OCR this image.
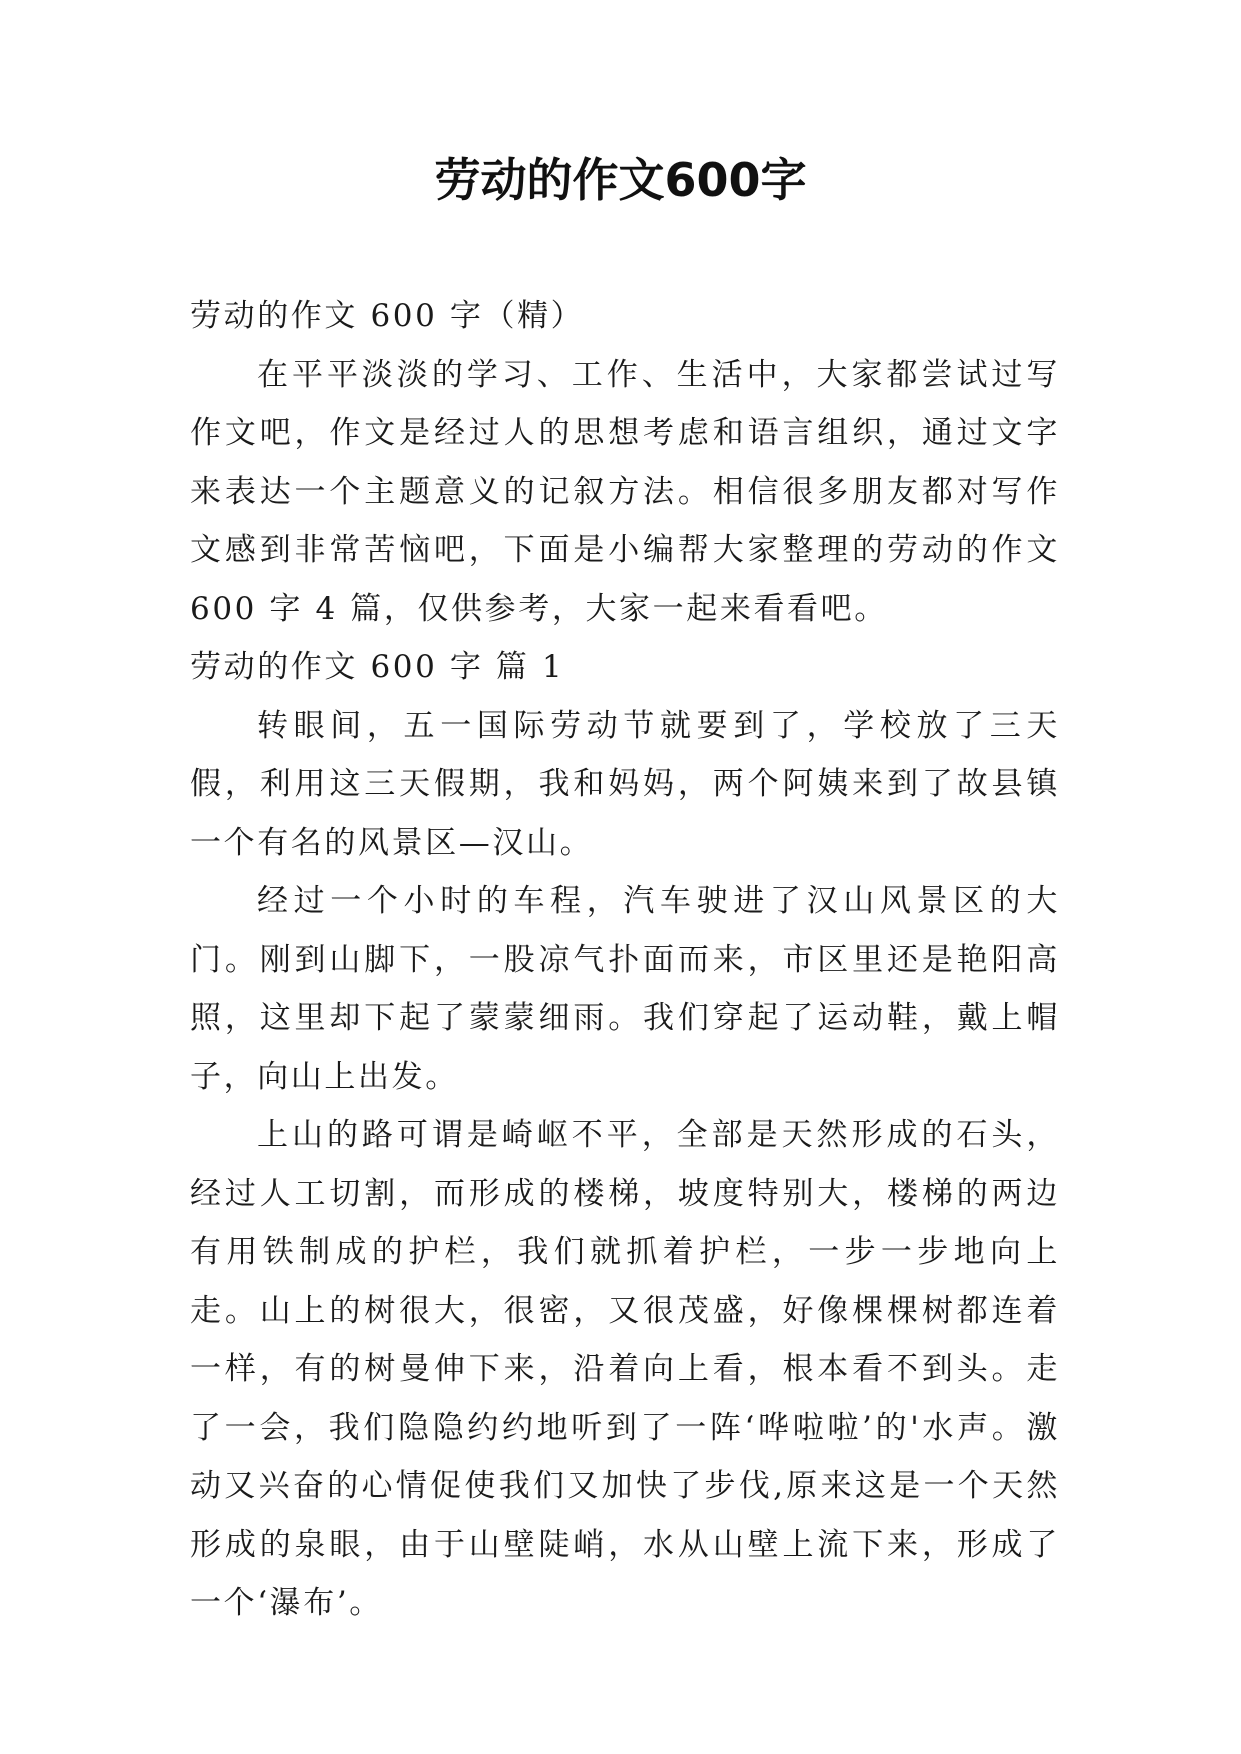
劳动的作文600字

劳动的作文 600 字（精）

在平平淡淡的学习、工作、生活中，大家都尝试过写作文吧，作文是经过人的思想考虑和语言组织，通过文字来表达一个主题意义的记叙方法。相信很多朋友都对写作文感到非常苦恼吧，下面是小编帮大家整理的劳动的作文 600 字 4 篇，仅供参考，大家一起来看看吧。

劳动的作文 600 字 篇 1

转眼间，五一国际劳动节就要到了，学校放了三天假，利用这三天假期，我和妈妈，两个阿姨来到了故县镇一个有名的风景区—汉山。

经过一个小时的车程，汽车驶进了汉山风景区的大门。刚到山脚下，一股凉气扑面而来，市区里还是艳阳高照，这里却下起了蒙蒙细雨。我们穿起了运动鞋，戴上帽子，向山上出发。

上山的路可谓是崎岖不平，全部是天然形成的石头，经过人工切割，而形成的楼梯，坡度特别大，楼梯的两边有用铁制成的护栏，我们就抓着护栏，一步一步地向上走。山上的树很大，很密，又很茂盛，好像棵棵树都连着一样，有的树曼伸下来，沿着向上看，根本看不到头。走了一会，我们隐隐约约地听到了一阵‘哗啦啦’的'水声。激动又兴奋的心情促使我们又加快了步伐,原来这是一个天然形成的泉眼，由于山壁陡峭，水从山壁上流下来，形成了一个‘瀑布’。
